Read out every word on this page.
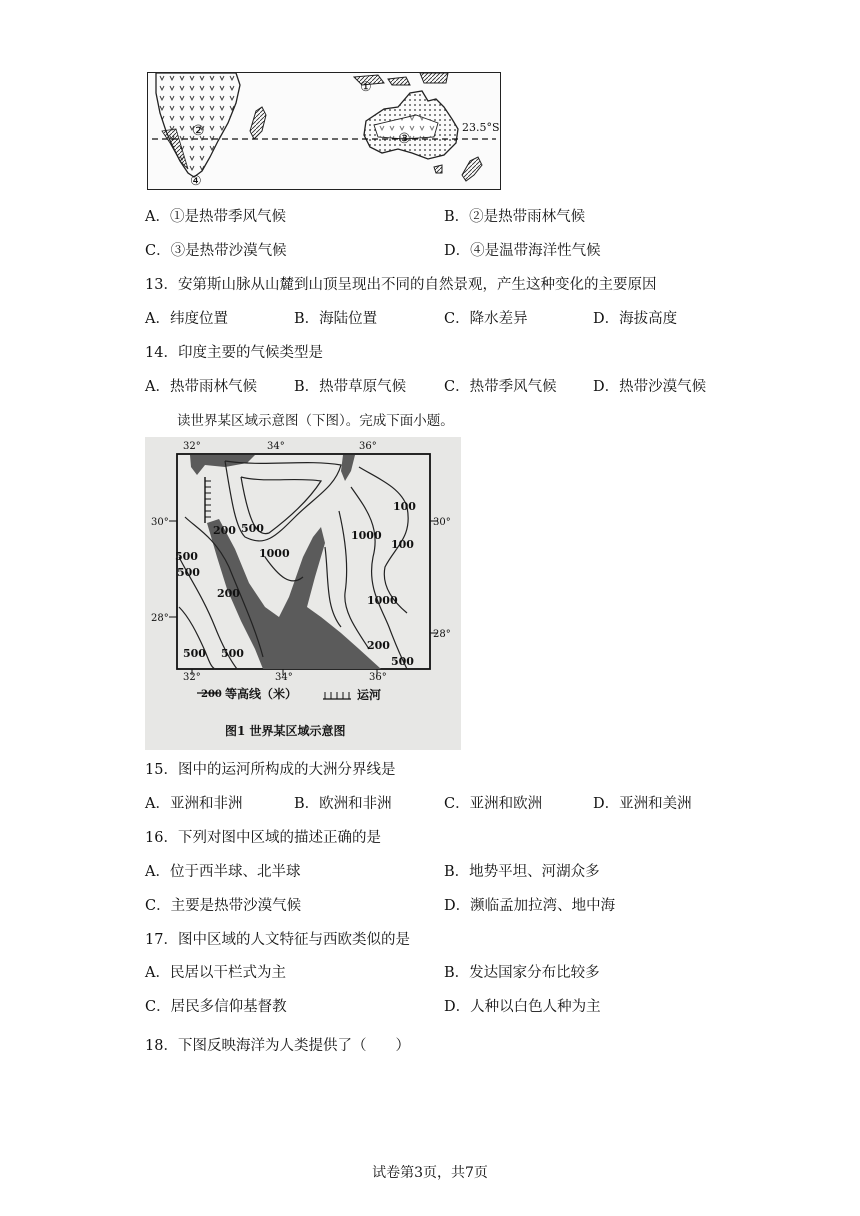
①
②	③
④
23.5°S
A．①是热带季风气候	B．②是热带雨林气候
C．③是热带沙漠气候	D．④是温带海洋性气候
13．安第斯山脉从山麓到山顶呈现出不同的自然景观，产生这种变化的主要原因
A．纬度位置	B．海陆位置	C．降水差异	D．海拔高度
14．印度主要的气候类型是
A．热带雨林气候	B．热带草原气候	C．热带季风气候	D．热带沙漠气候
读世界某区域示意图（下图）。完成下面小题。
200 500
1000
1000
100
100
500
500
200
1000
500 500
200
500
32°	34°	36°
32°	34°	36°
30°
28°
30°
28°
200 等高线（米）	运河
图1 世界某区域示意图
15．图中的运河所构成的大洲分界线是
A．亚洲和非洲	B．欧洲和非洲	C．亚洲和欧洲	D．亚洲和美洲
16．下列对图中区域的描述正确的是
A．位于西半球、北半球	B．地势平坦、河湖众多
C．主要是热带沙漠气候	D．濒临孟加拉湾、地中海
17．图中区域的人文特征与西欧类似的是
A．民居以干栏式为主	B．发达国家分布比较多
C．居民多信仰基督教	D．人种以白色人种为主
18．下图反映海洋为人类提供了（　　）
试卷第3页，共7页
